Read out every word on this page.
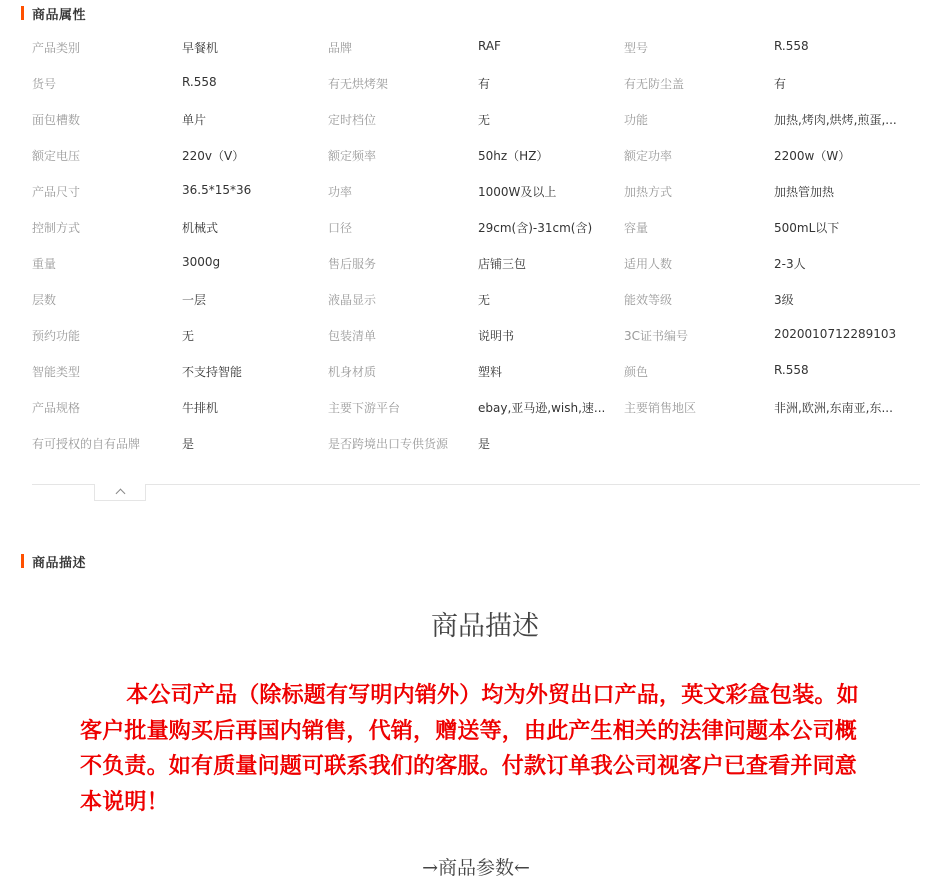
商品属性
产品类别	早餐机	品牌	RAF	型号	R.558
货号	R.558	有无烘烤架	有	有无防尘盖	有
面包槽数	单片	定时档位	无	功能	加热,烤肉,烘烤,煎蛋,...
额定电压	220v（V）	额定频率	50hz（HZ）	额定功率	2200w（W）
产品尺寸	36.5*15*36	功率	1000W及以上	加热方式	加热管加热
控制方式	机械式	口径	29cm(含)-31cm(含)	容量	500mL以下
重量	3000g	售后服务	店铺三包	适用人数	2-3人
层数	一层	液晶显示	无	能效等级	3级
预约功能	无	包装清单	说明书	3C证书编号	2020010712289103
智能类型	不支持智能	机身材质	塑料	颜色	R.558
产品规格	牛排机	主要下游平台	ebay,亚马逊,wish,速...	主要销售地区	非洲,欧洲,东南亚,东...
有可授权的自有品牌	是	是否跨境出口专供货源	是
商品描述
商品描述
本公司产品（除标题有写明内销外）均为外贸出口产品，英文彩盒包装。如客户批量购买后再国内销售，代销，赠送等，由此产生相关的法律问题本公司概不负责。如有质量问题可联系我们的客服。付款订单我公司视客户已查看并同意本说明！
→商品参数←
